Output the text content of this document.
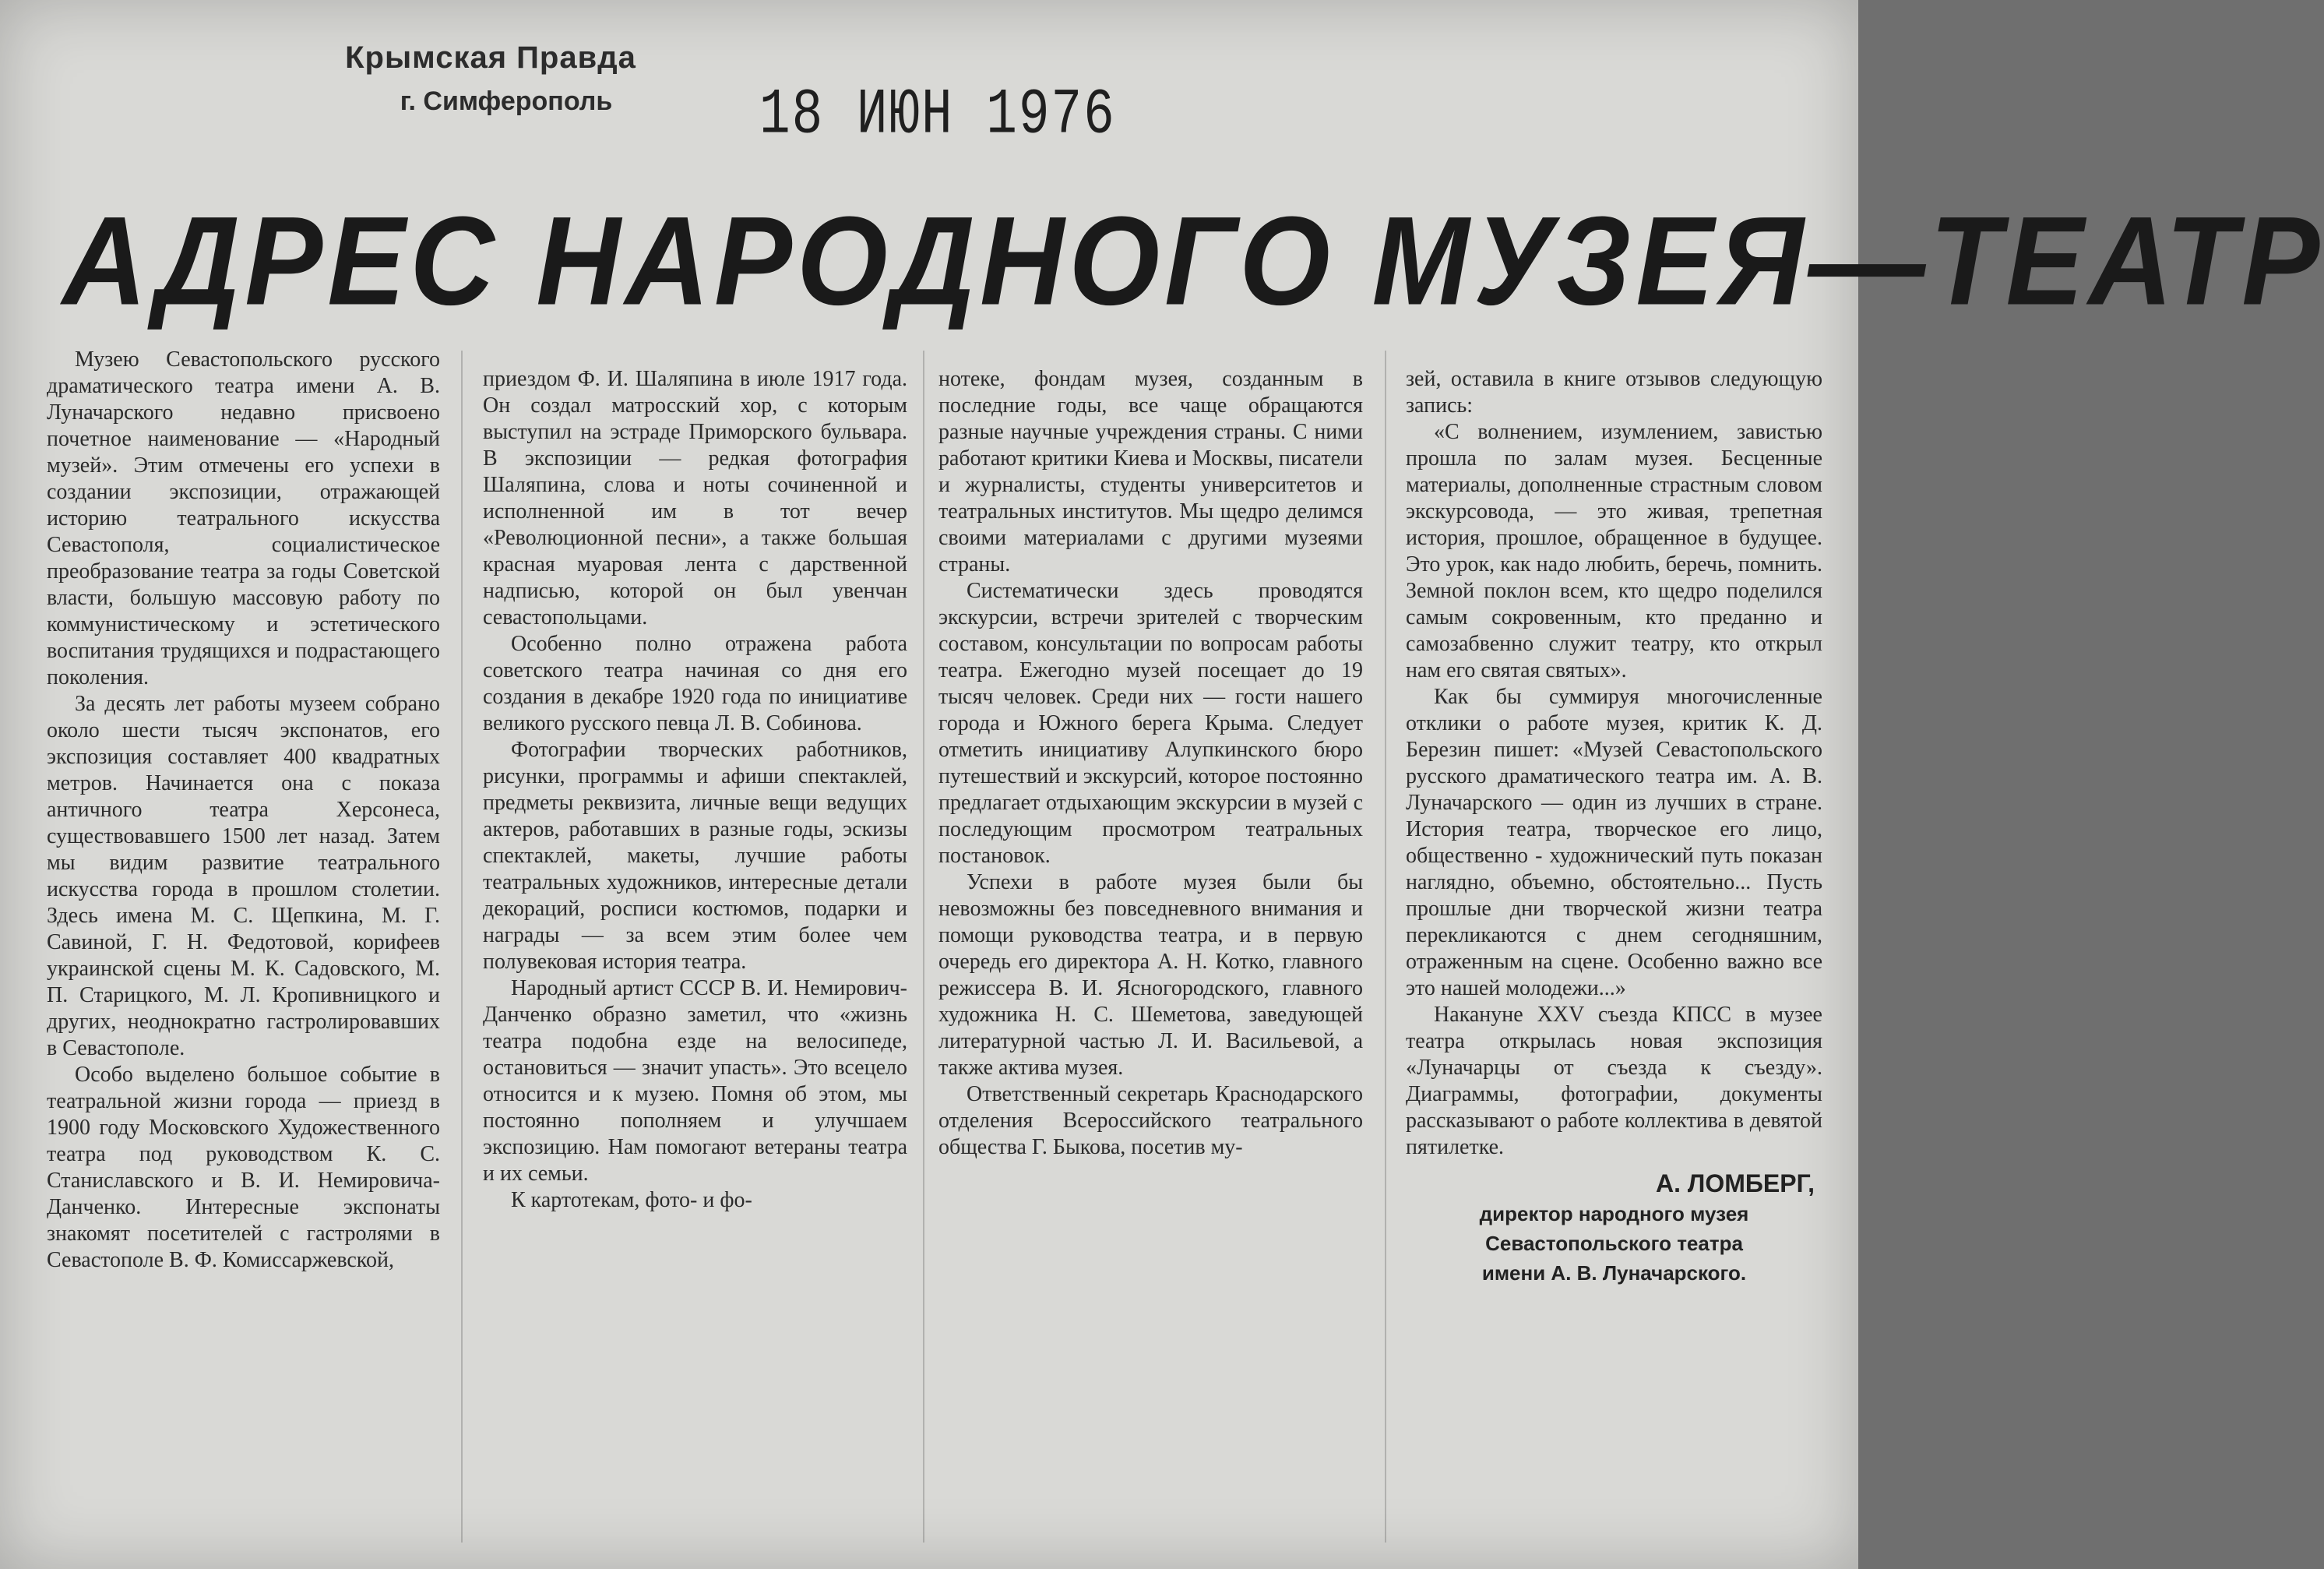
Крымская Правда
г. Симферополь	18 ИЮН 1976
АДРЕС НАРОДНОГО МУЗЕЯ—ТЕАТР

Музею Севастопольского русского драматического театра имени А. В. Луначарского недавно присвоено почетное наименование — «Народный музей». Этим отмечены его успехи в создании экспозиции, отражающей историю театрального искусства Севастополя, социалистическое преобразование театра за годы Советской власти, большую массовую работу по коммунистическому и эстетического воспитания трудящихся и подрастающего поколения.

За десять лет работы музеем собрано около шести тысяч экспонатов, его экспозиция составляет 400 квадратных метров. Начинается она с показа античного театра Херсонеса, существовавшего 1500 лет назад. Затем мы видим развитие театрального искусства города в прошлом столетии. Здесь имена М. С. Щепкина, М. Г. Савиной, Г. Н. Федотовой, корифеев украинской сцены М. К. Садовского, М. П. Старицкого, М. Л. Кропивницкого и других, неоднократно гастролировавших в Севастополе.

Особо выделено большое событие в театральной жизни города — приезд в 1900 году Московского Художественного театра под руководством К. С. Станиславского и В. И. Немировича-Данченко. Интересные экспонаты знакомят посетителей с гастролями в Севастополе В. Ф. Комиссаржевской,

приездом Ф. И. Шаляпина в июле 1917 года. Он создал матросский хор, с которым выступил на эстраде Приморского бульвара. В экспозиции — редкая фотография Шаляпина, слова и ноты сочиненной и исполненной им в тот вечер «Революционной песни», а также большая красная муаровая лента с дарственной надписью, которой он был увенчан севастопольцами.

Особенно полно отражена работа советского театра начиная со дня его создания в декабре 1920 года по инициативе великого русского певца Л. В. Собинова.

Фотографии творческих работников, рисунки, программы и афиши спектаклей, предметы реквизита, личные вещи ведущих актеров, работавших в разные годы, эскизы спектаклей, макеты, лучшие работы театральных художников, интересные детали декораций, росписи костюмов, подарки и награды — за всем этим более чем полувековая история театра.

Народный артист СССР В. И. Немирович-Данченко образно заметил, что «жизнь театра подобна езде на велосипеде, остановиться — значит упасть». Это всецело относится и к музею. Помня об этом, мы постоянно пополняем и улучшаем экспозицию. Нам помогают ветераны театра и их семьи.

К картотекам, фото- и фо-

нотеке, фондам музея, созданным в последние годы, все чаще обращаются разные научные учреждения страны. С ними работают критики Киева и Москвы, писатели и журналисты, студенты университетов и театральных институтов. Мы щедро делимся своими материалами с другими музеями страны.

Систематически здесь проводятся экскурсии, встречи зрителей с творческим составом, консультации по вопросам работы театра. Ежегодно музей посещает до 19 тысяч человек. Среди них — гости нашего города и Южного берега Крыма. Следует отметить инициативу Алупкинского бюро путешествий и экскурсий, которое постоянно предлагает отдыхающим экскурсии в музей с последующим просмотром театральных постановок.

Успехи в работе музея были бы невозможны без повседневного внимания и помощи руководства театра, и в первую очередь его директора А. Н. Котко, главного режиссера В. И. Ясногородского, главного художника Н. С. Шеметова, заведующей литературной частью Л. И. Васильевой, а также актива музея.

Ответственный секретарь Краснодарского отделения Всероссийского театрального общества Г. Быкова, посетив му-

зей, оставила в книге отзывов следующую запись:

«С волнением, изумлением, завистью прошла по залам музея. Бесценные материалы, дополненные страстным словом экскурсовода, — это живая, трепетная история, прошлое, обращенное в будущее. Это урок, как надо любить, беречь, помнить. Земной поклон всем, кто щедро поделился самым сокровенным, кто преданно и самозабвенно служит театру, кто открыл нам его святая святых».

Как бы суммируя многочисленные отклики о работе музея, критик К. Д. Березин пишет: «Музей Севастопольского русского драматического театра им. А. В. Луначарского — один из лучших в стране. История театра, творческое его лицо, общественно - художнический путь показан наглядно, объемно, обстоятельно... Пусть прошлые дни творческой жизни театра перекликаются с днем сегодняшним, отраженным на сцене. Особенно важно все это нашей молодежи...»

Накануне XXV съезда КПСС в музее театра открылась новая экспозиция «Луначарцы от съезда к съезду». Диаграммы, фотографии, документы рассказывают о работе коллектива в девятой пятилетке.

А. ЛОМБЕРГ,
директор народного музея
Севастопольского театра
имени А. В. Луначарского.
